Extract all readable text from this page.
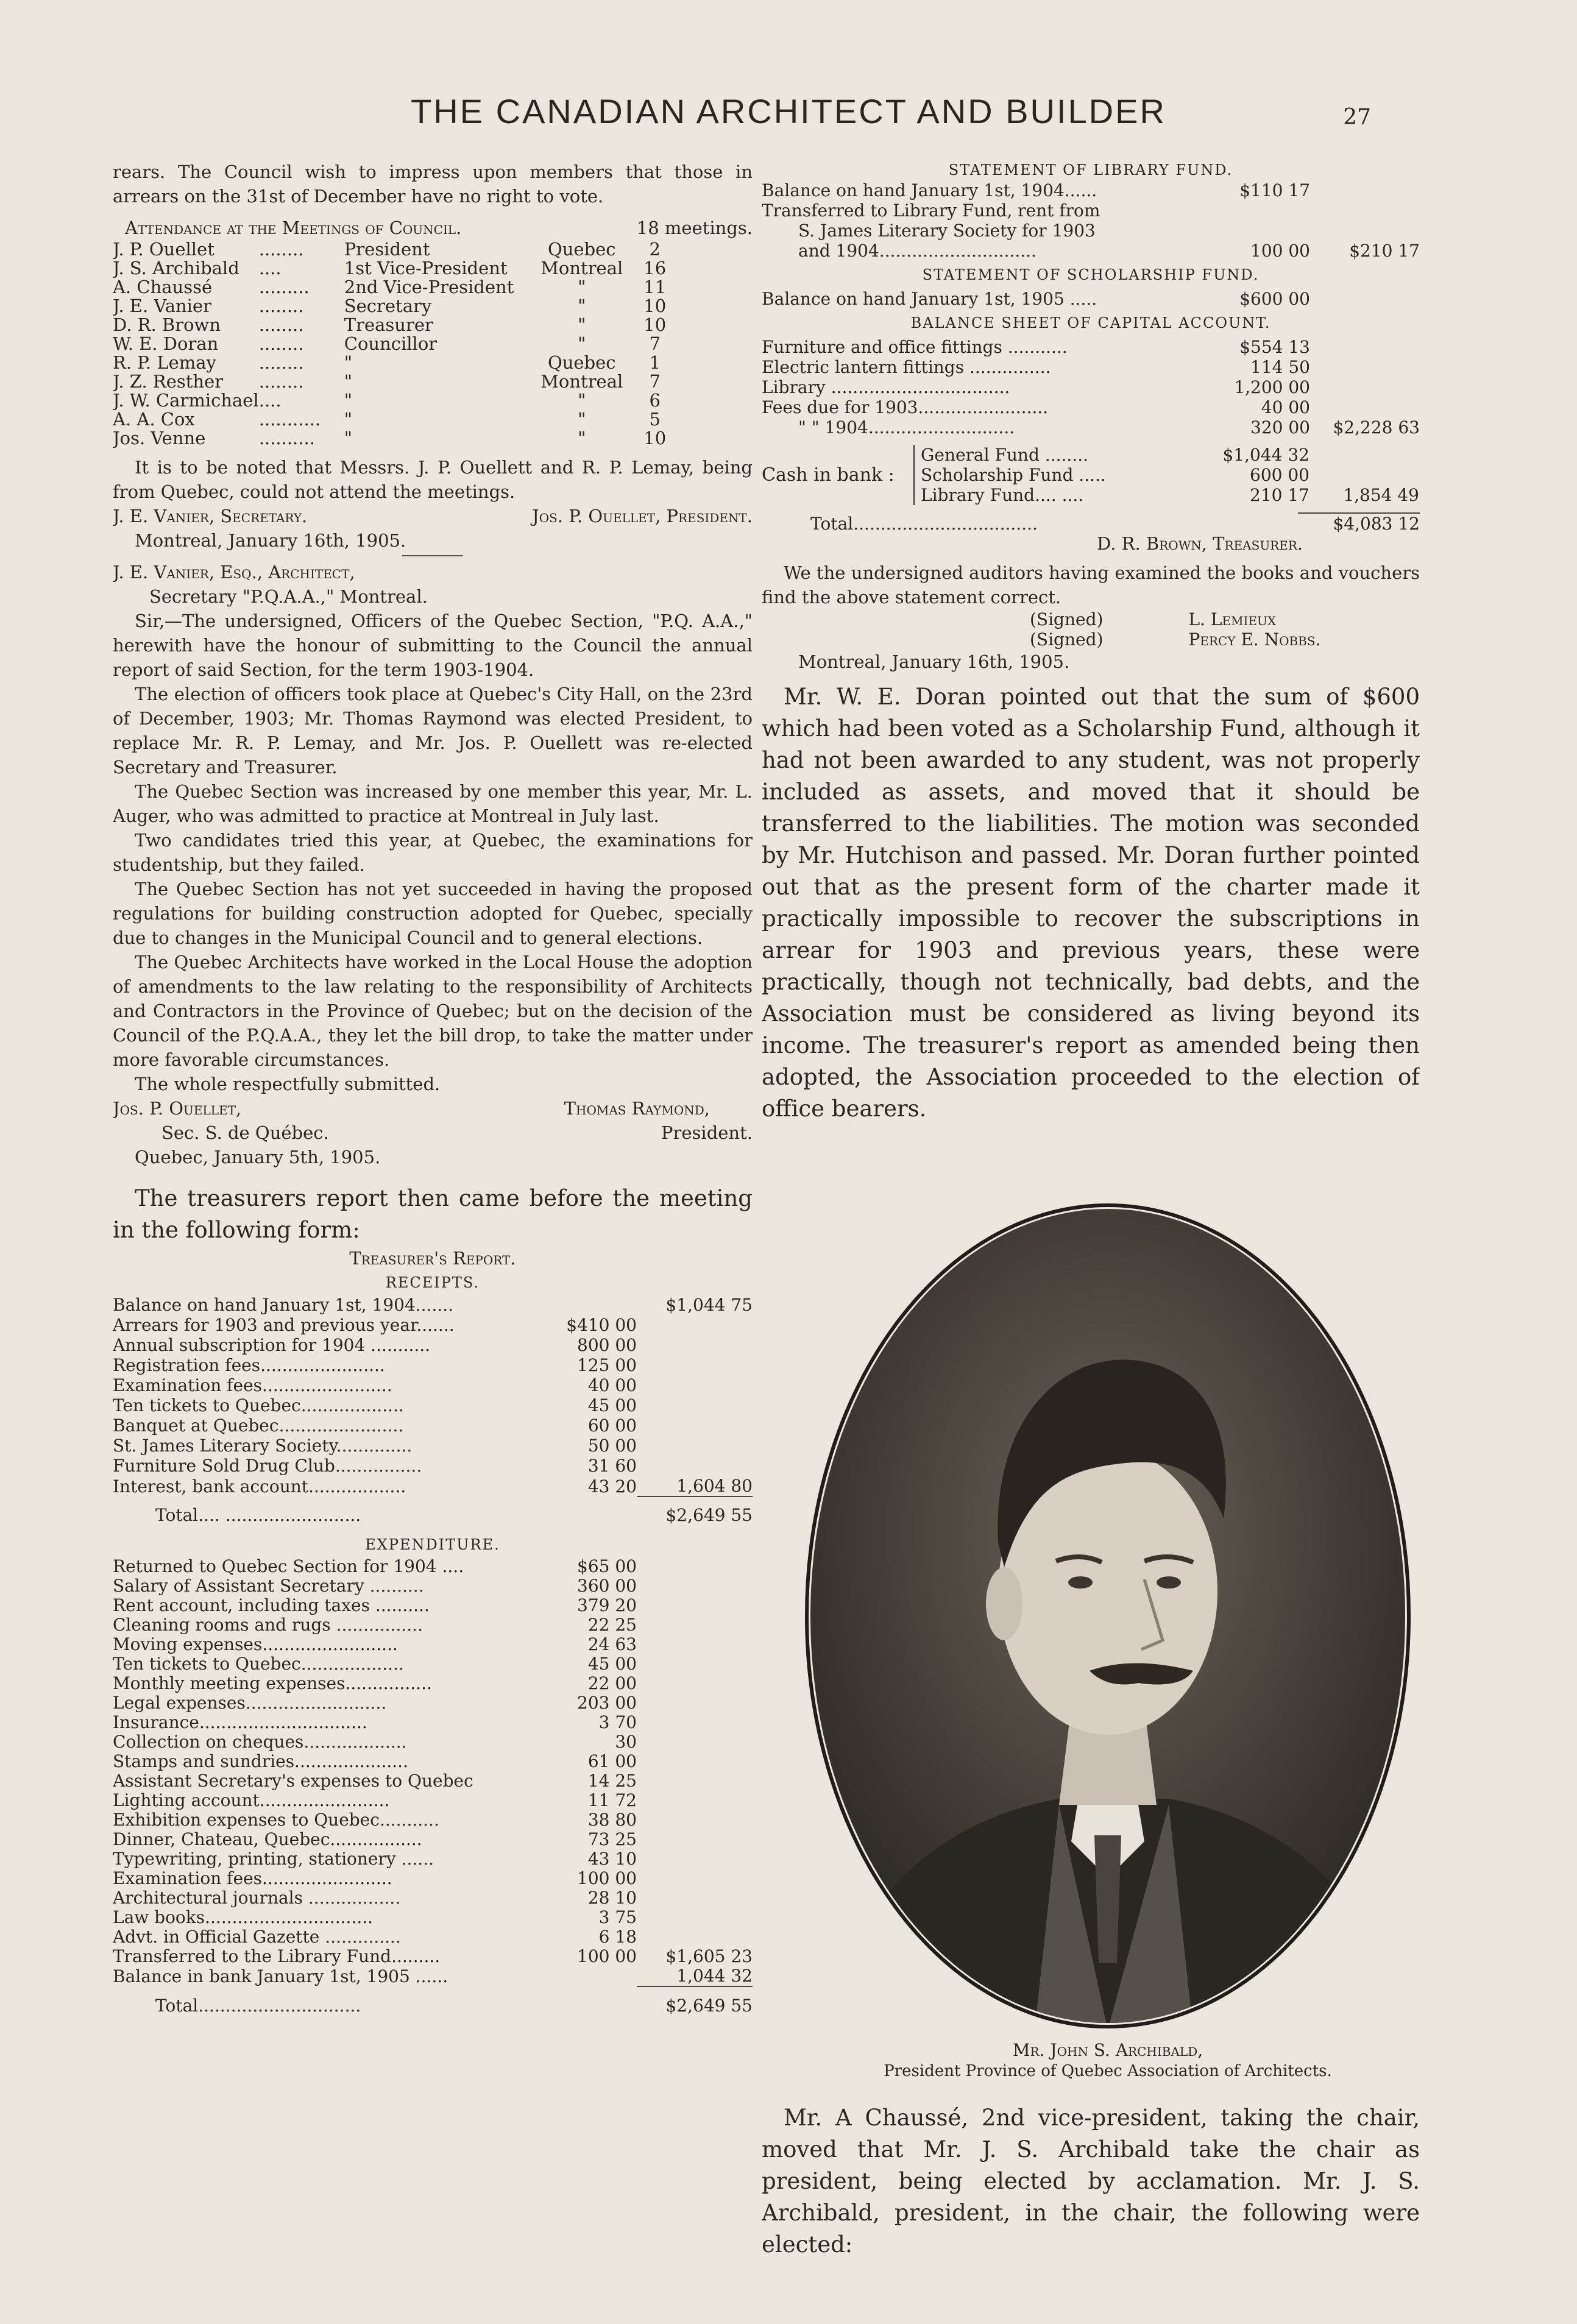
THE CANADIAN ARCHITECT AND BUILDER	27

rears. The Council wish to impress upon members that those in arrears on the 31st of December have no right to vote.

Attendance at the Meetings of Council.	18 meetings.
J. P. Ouellet	........	President	Quebec	2	
J. S. Archibald	....	1st Vice-President	Montreal	16	
A. Chaussé	.........	2nd Vice-President	"	11	
J. E. Vanier	........	Secretary	"	10	
D. R. Brown	........	Treasurer	"	10	
W. E. Doran	........	Councillor	"	7	
R. P. Lemay	........	"	Quebec	1	
J. Z. Resther	........	"	Montreal	7	
J. W. Carmichael	....	"	"	6	
A. A. Cox	...........	"	"	5	
Jos. Venne	..........	"	"	10	

It is to be noted that Messrs. J. P. Ouellett and R. P. Lemay, being from Quebec, could not attend the meetings.

J. E. Vanier, Secretary.	Jos. P. Ouellet, President.

Montreal, January 16th, 1905.

J. E. Vanier, Esq., Architect,

Secretary "P.Q.A.A.," Montreal.

Sir,—The undersigned, Officers of the Quebec Section, "P.Q. A.A.," herewith have the honour of submitting to the Council the annual report of said Section, for the term 1903-1904.

The election of officers took place at Quebec's City Hall, on the 23rd of December, 1903; Mr. Thomas Raymond was elected President, to replace Mr. R. P. Lemay, and Mr. Jos. P. Ouellett was re-elected Secretary and Treasurer.

The Quebec Section was increased by one member this year, Mr. L. Auger, who was admitted to practice at Montreal in July last.

Two candidates tried this year, at Quebec, the examinations for studentship, but they failed.

The Quebec Section has not yet succeeded in having the proposed regulations for building construction adopted for Quebec, specially due to changes in the Municipal Council and to general elections.

The Quebec Architects have worked in the Local House the adoption of amendments to the law relating to the responsibility of Architects and Contractors in the Province of Quebec; but on the decision of the Council of the P.Q.A.A., they let the bill drop, to take the matter under more favorable circumstances.

The whole respectfully submitted.

Jos. P. Ouellet,	Thomas Raymond,
Sec. S. de Québec.	President.

Quebec, January 5th, 1905.

The treasurers report then came before the meeting in the following form:

Treasurer's Report.

RECEIPTS.

Balance on hand January 1st, 1904.......		$1,044 75
Arrears for 1903 and previous year.......	$410 00	
Annual subscription for 1904 ...........	800 00	
Registration fees.......................	125 00	
Examination fees........................	40 00	
Ten tickets to Quebec...................	45 00	
Banquet at Quebec.......................	60 00	
St. James Literary Society..............	50 00	
Furniture Sold Drug Club................	31 60	
Interest, bank account..................	43 20	1,604 80
Total.... .........................		$2,649 55

EXPENDITURE.

Returned to Quebec Section for 1904 ....	$65 00	
Salary of Assistant Secretary ..........	360 00	
Rent account, including taxes ..........	379 20	
Cleaning rooms and rugs ................	22 25	
Moving expenses.........................	24 63	
Ten tickets to Quebec...................	45 00	
Monthly meeting expenses................	22 00	
Legal expenses..........................	203 00	
Insurance...............................	3 70	
Collection on cheques...................	30	
Stamps and sundries.....................	61 00	
Assistant Secretary's expenses to Quebec	14 25	
Lighting account........................	11 72	
Exhibition expenses to Quebec...........	38 80	
Dinner, Chateau, Quebec.................	73 25	
Typewriting, printing, stationery ......	43 10	
Examination fees........................	100 00	
Architectural journals .................	28 10	
Law books...............................	3 75	
Advt. in Official Gazette ..............	6 18	
Transferred to the Library Fund.........	100 00	$1,605 23
Balance in bank January 1st, 1905 ......		1,044 32
Total..............................		$2,649 55

STATEMENT OF LIBRARY FUND.

Balance on hand January 1st, 1904......	$110 17	
Transferred to Library Fund, rent from		
S. James Literary Society for 1903		
and 1904.............................	100 00	$210 17

STATEMENT OF SCHOLARSHIP FUND.

Balance on hand January 1st, 1905 .....	$600 00	

BALANCE SHEET OF CAPITAL ACCOUNT.

Furniture and office fittings ...........	$554 13	
Electric lantern fittings ...............	114 50	
Library .................................	1,200 00	
Fees due for 1903........................	40 00	
" " 1904...........................	320 00	$2,228 63
Cash in bank :	General Fund ........	$1,044 32	
	Scholarship Fund .....	600 00	
	Library Fund.... ....	210 17	1,854 49
Total..................................	$4,083 12

D. R. Brown, Treasurer.

We the undersigned auditors having examined the books and vouchers find the above statement correct.

(Signed)	L. Lemieux
(Signed)	Percy E. Nobbs.

Montreal, January 16th, 1905.

Mr. W. E. Doran pointed out that the sum of $600 which had been voted as a Scholarship Fund, although it had not been awarded to any student, was not properly included as assets, and moved that it should be transferred to the liabilities. The motion was seconded by Mr. Hutchison and passed. Mr. Doran further pointed out that as the present form of the charter made it practically impossible to recover the subscriptions in arrear for 1903 and previous years, these were practically, though not technically, bad debts, and the Association must be considered as living beyond its income. The treasurer's report as amended being then adopted, the Association proceeded to the election of office bearers.

Mr. John S. Archibald,

President Province of Quebec Association of Architects.

Mr. A Chaussé, 2nd vice-president, taking the chair, moved that Mr. J. S. Archibald take the chair as president, being elected by acclamation. Mr. J. S. Archibald, president, in the chair, the following were elected:
